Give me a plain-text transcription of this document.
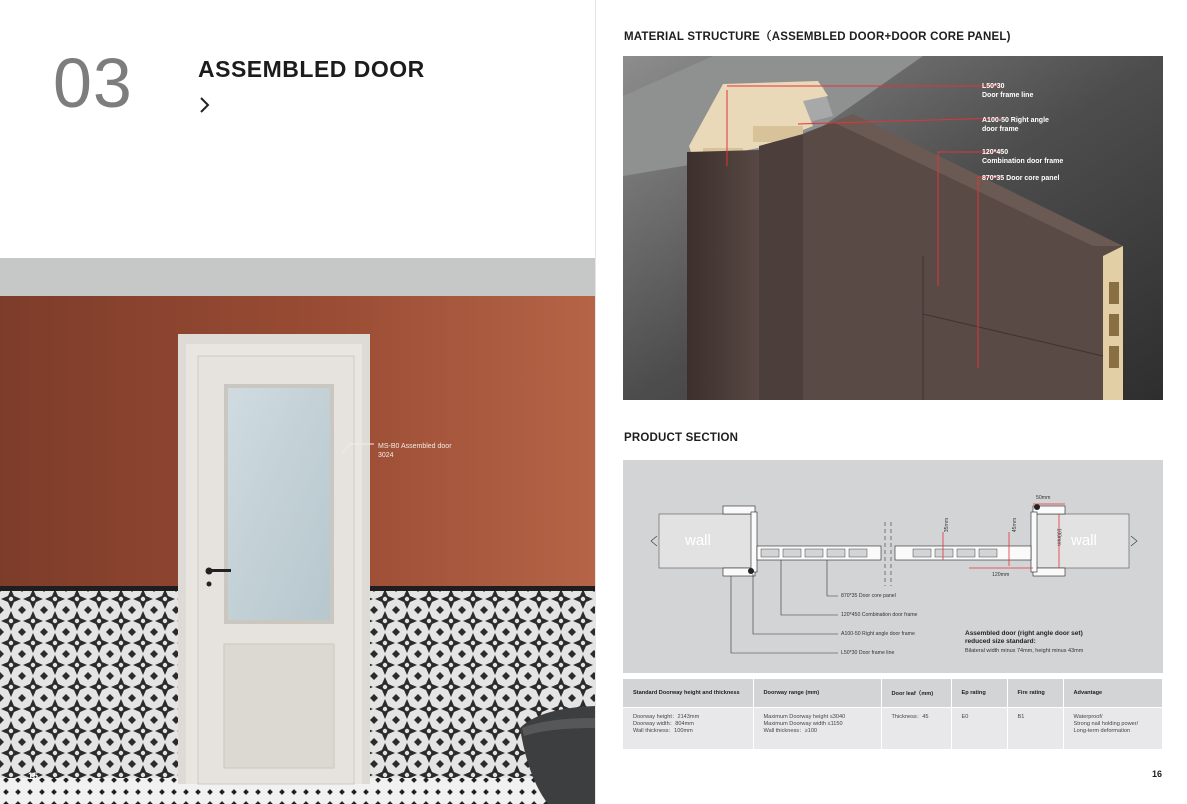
03	ASSEMBLED DOOR
MS-B0 Assembled door
3024
15
MATERIAL STRUCTURE（ASSEMBLED DOOR+DOOR CORE PANEL)
L50*30
Door frame line
A100-50 Right angle
door frame
120*450
Combination door frame
870*35 Door core panel
PRODUCT SECTION
wall	wall
50mm
35mm	45mm
100mm
120mm
870*35 Door core panel
120*450 Combination door frame
A100-50 Right angle door frame
L50*30 Door frame line
Assembled door (right angle door set)
reduced size standard:
Bilateral width minus 74mm, height minus 43mm
Standard Doorway height and thickness	Doorway range (mm)	Door leaf（mm)	Ep rating	Fire rating	Advantage

Doorway height：2143mm
Doorway width：804mm
Wall thickness：100mm	Maximum Doorway height ≤3040
Maximum Doorway width ≤1150
Wall thickness：≥100	Thickness：45	E0	B1	Waterproof/
Strong nail holding power/
Long-term deformation
16
